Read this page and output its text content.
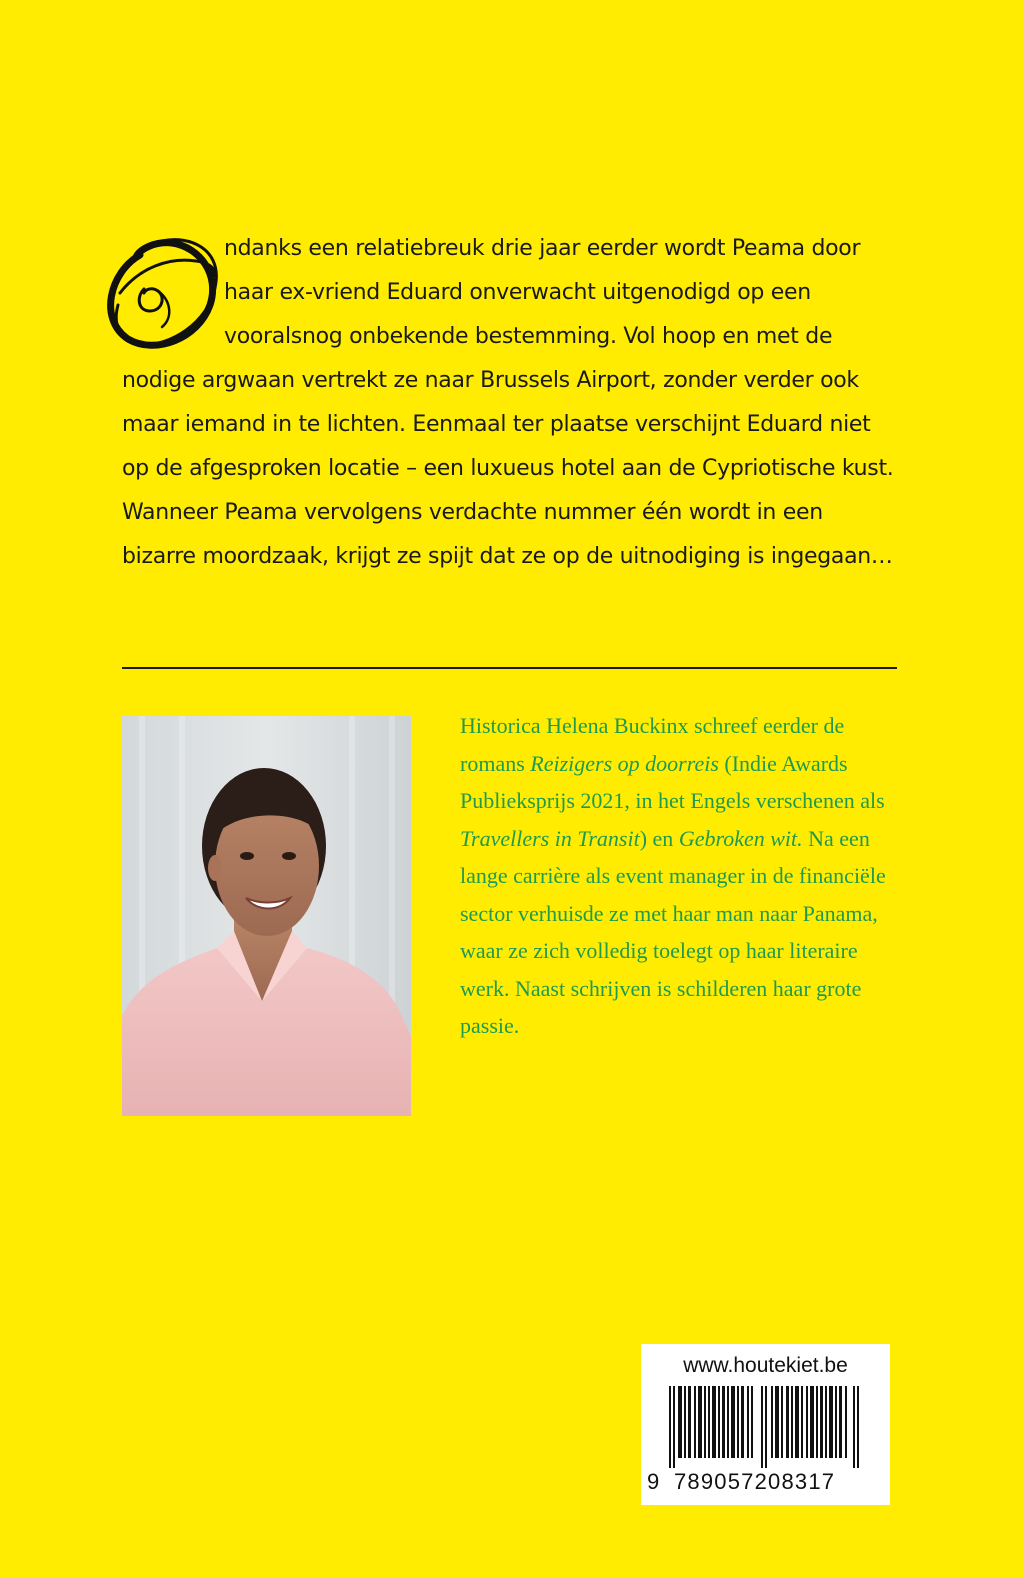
ndanks een relatiebreuk drie jaar eerder wordt Peama door haar ex-vriend Eduard onverwacht uitgenodigd op een vooralsnog onbekende bestemming. Vol hoop en met de nodige argwaan vertrekt ze naar Brussels Airport, zonder verder ook maar iemand in te lichten. Eenmaal ter plaatse verschijnt Eduard niet op de afgesproken locatie – een luxueus hotel aan de Cypriotische kust. Wanneer Peama vervolgens verdachte nummer één wordt in een bizarre moordzaak, krijgt ze spijt dat ze op de uitnodiging is ingegaan…

Historica Helena Buckinx schreef eerder de romans Reizigers op doorreis (Indie Awards Publieksprijs 2021, in het Engels verschenen als Travellers in Transit) en Gebroken wit. Na een lange carrière als event manager in de financiële sector verhuisde ze met haar man naar Panama, waar ze zich volledig toelegt op haar literaire werk. Naast schrijven is schilderen haar grote passie.

www.houtekiet.be
9 789057208317
